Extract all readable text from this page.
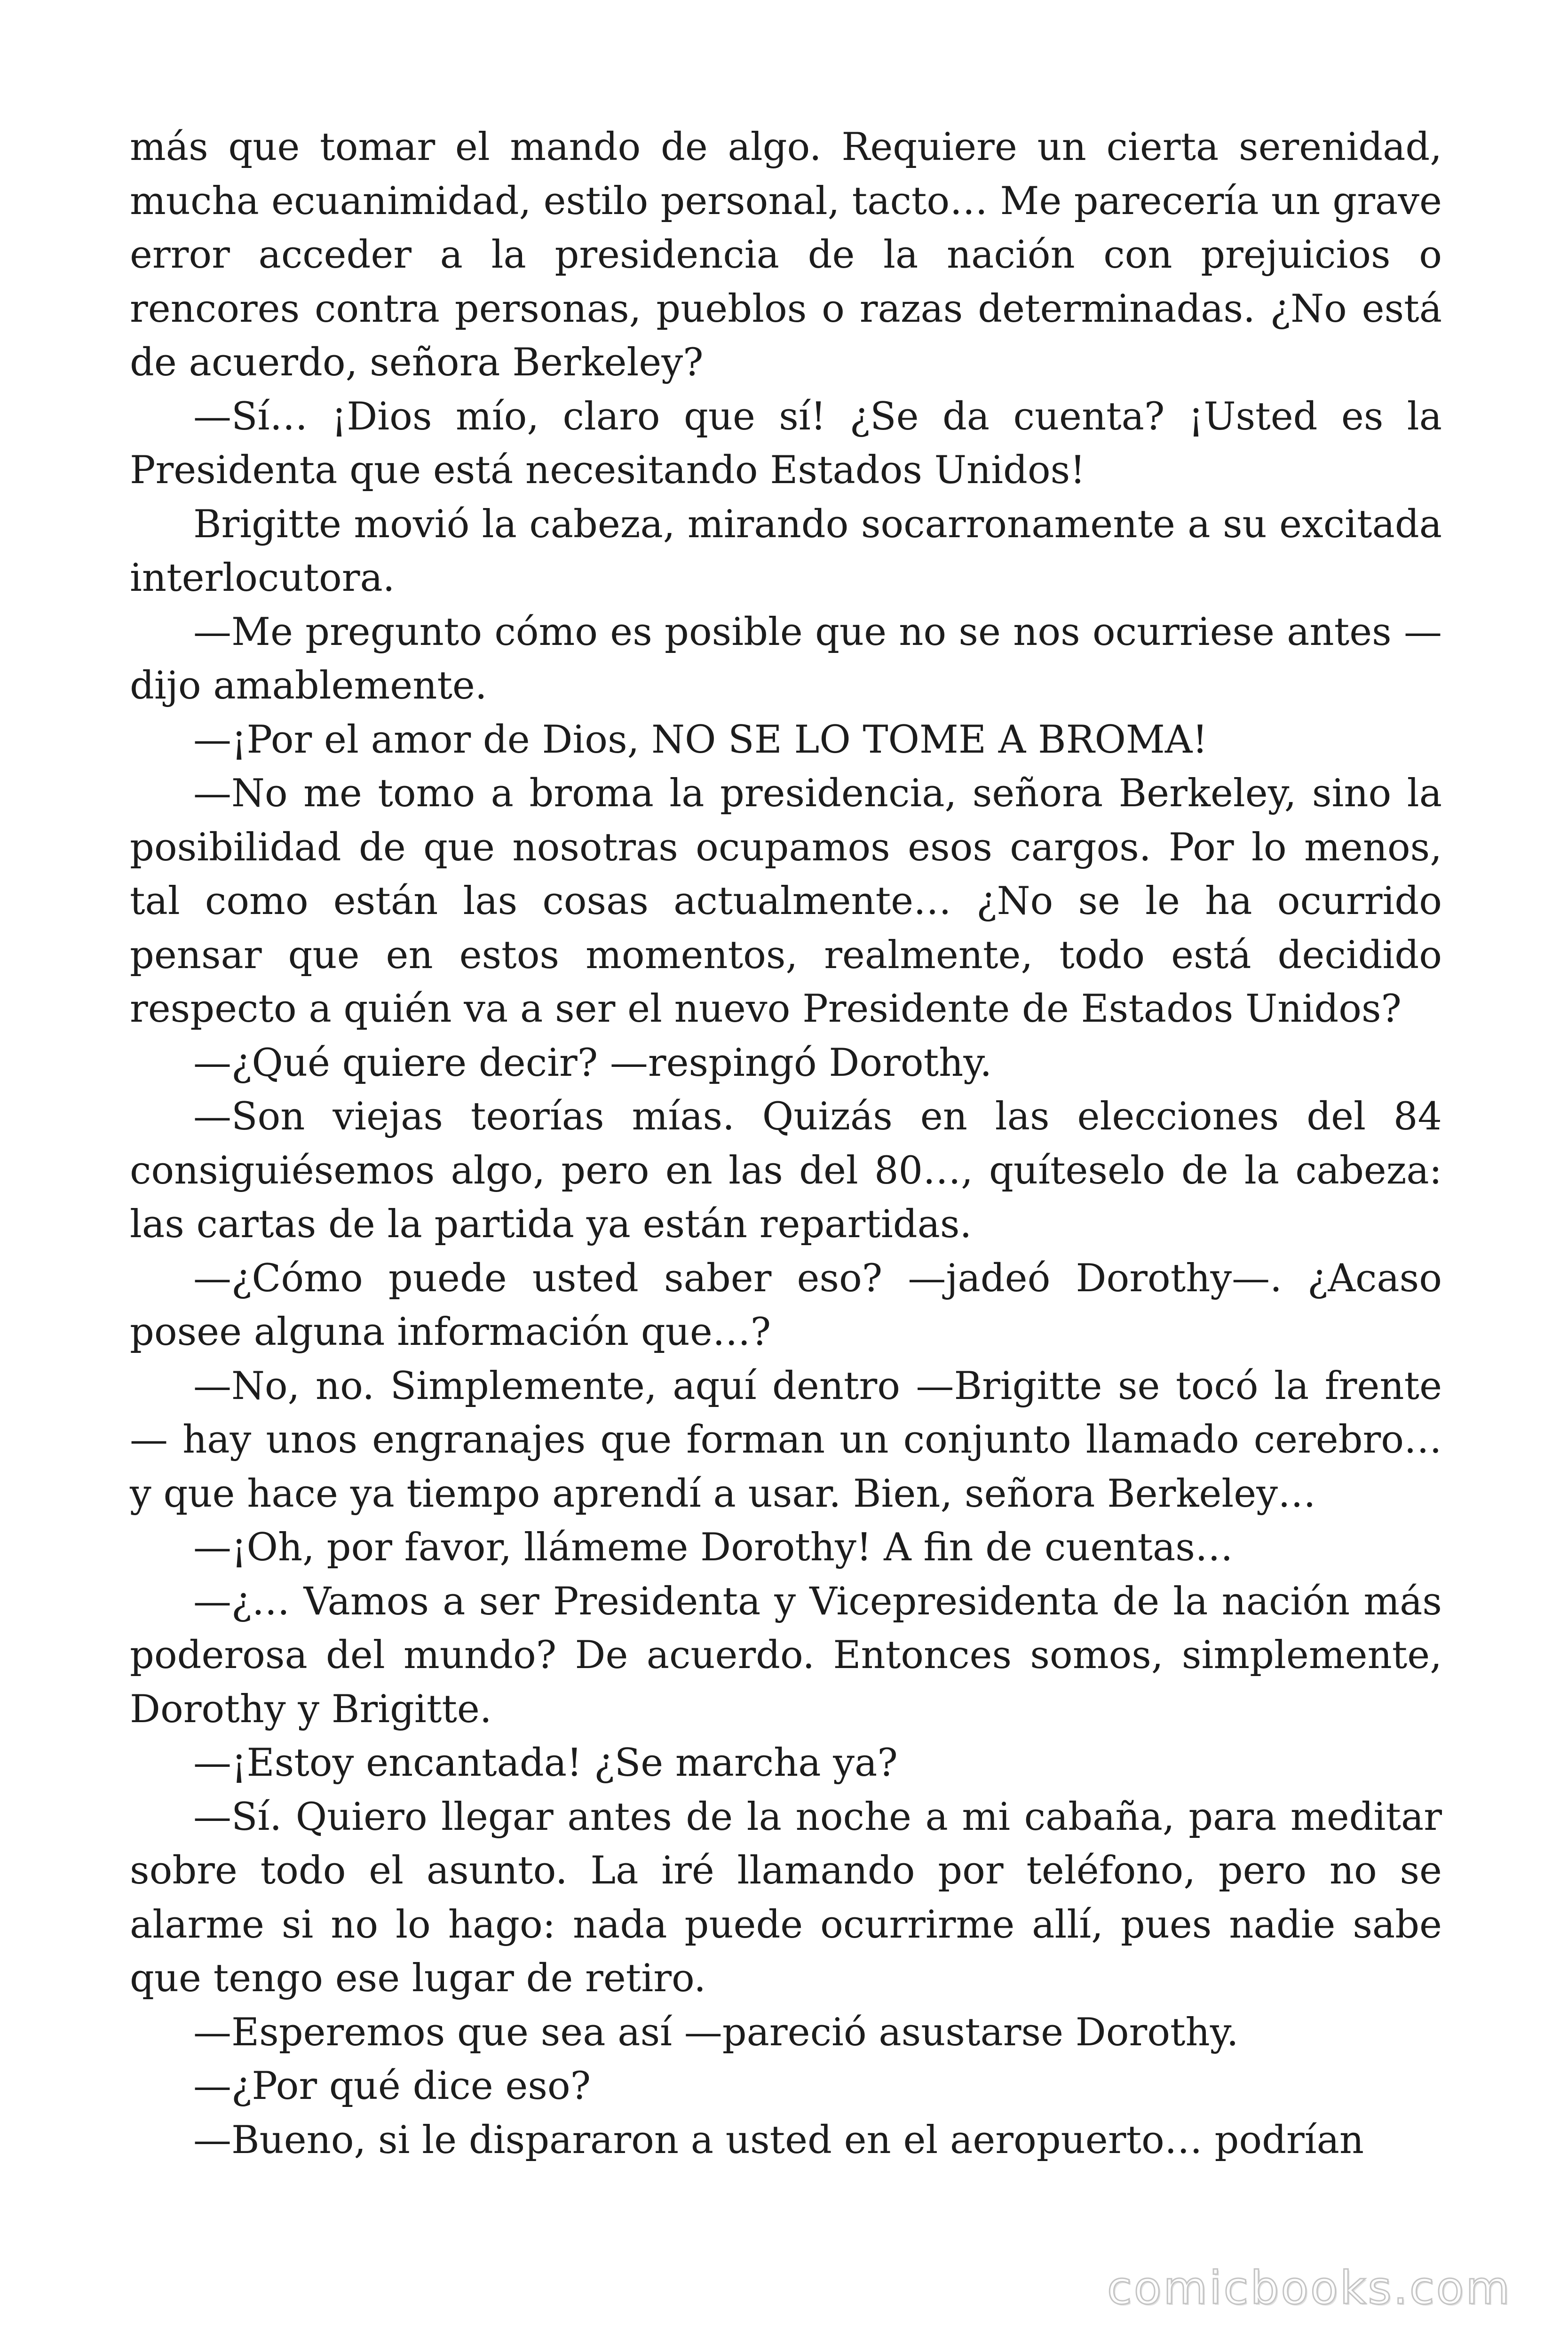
más que tomar el mando de algo. Requiere un cierta serenidad, mucha ecuanimidad, estilo personal, tacto… Me parecería un grave error acceder a la presidencia de la nación con prejuicios o rencores contra personas, pueblos o razas determinadas. ¿No está de acuerdo, señora Berkeley?

—Sí… ¡Dios mío, claro que sí! ¿Se da cuenta? ¡Usted es la Presidenta que está necesitando Estados Unidos!

Brigitte movió la cabeza, mirando socarronamente a su excitada interlocutora.

—Me pregunto cómo es posible que no se nos ocurriese antes — dijo amablemente.

—¡Por el amor de Dios, NO SE LO TOME A BROMA!

—No me tomo a broma la presidencia, señora Berkeley, sino la posibilidad de que nosotras ocupamos esos cargos. Por lo menos, tal como están las cosas actualmente… ¿No se le ha ocurrido pensar que en estos momentos, realmente, todo está decidido respecto a quién va a ser el nuevo Presidente de Estados Unidos?

—¿Qué quiere decir? —respingó Dorothy.

—Son viejas teorías mías. Quizás en las elecciones del 84 consiguiésemos algo, pero en las del 80…, quíteselo de la cabeza: las cartas de la partida ya están repartidas.

—¿Cómo puede usted saber eso? —jadeó Dorothy—. ¿Acaso posee alguna información que…?

—No, no. Simplemente, aquí dentro —Brigitte se tocó la frente — hay unos engranajes que forman un conjunto llamado cerebro… y que hace ya tiempo aprendí a usar. Bien, señora Berkeley…

—¡Oh, por favor, llámeme Dorothy! A fin de cuentas…

—¿… Vamos a ser Presidenta y Vicepresidenta de la nación más poderosa del mundo? De acuerdo. Entonces somos, simplemente, Dorothy y Brigitte.

—¡Estoy encantada! ¿Se marcha ya?

—Sí. Quiero llegar antes de la noche a mi cabaña, para meditar sobre todo el asunto. La iré llamando por teléfono, pero no se alarme si no lo hago: nada puede ocurrirme allí, pues nadie sabe que tengo ese lugar de retiro.

—Esperemos que sea así —pareció asustarse Dorothy.

—¿Por qué dice eso?

—Bueno, si le dispararon a usted en el aeropuerto… podrían

comicbooks.com
